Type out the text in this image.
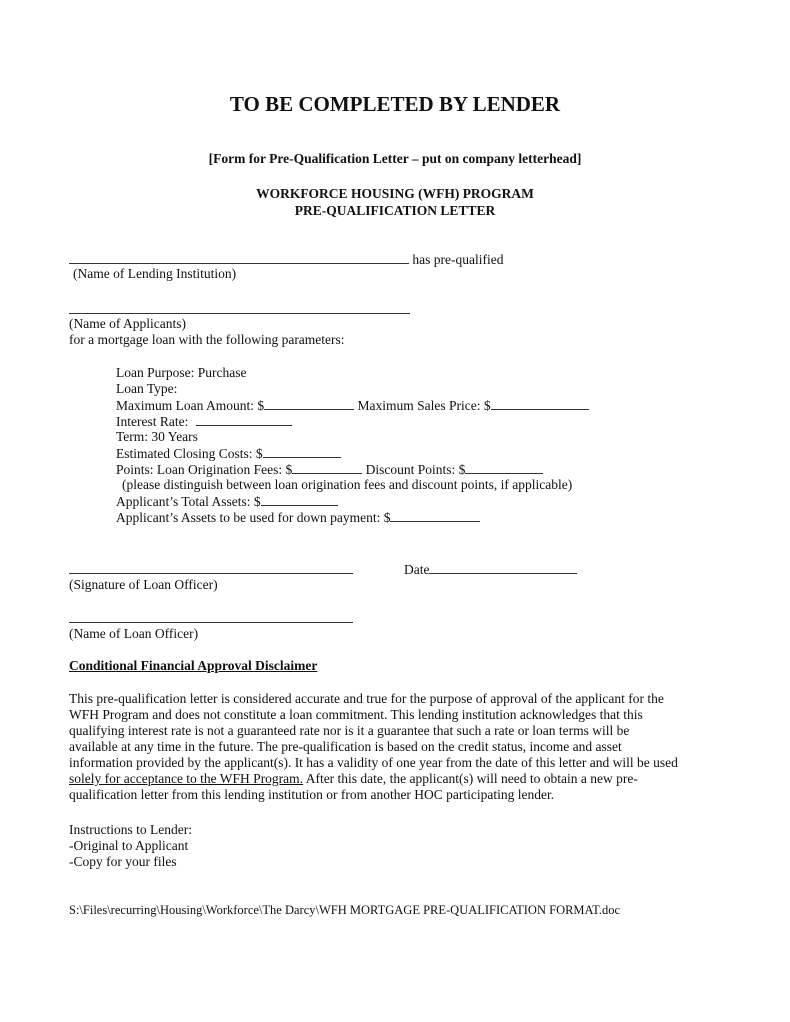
TO BE COMPLETED BY LENDER
[Form for Pre-Qualification Letter – put on company letterhead]
WORKFORCE HOUSING (WFH) PROGRAM
PRE-QUALIFICATION LETTER
has pre-qualified
(Name of Lending Institution)
(Name of Applicants)
for a mortgage loan with the following parameters:
Loan Purpose: Purchase
Loan Type:
Maximum Loan Amount: $	Maximum Sales Price: $
Interest Rate:
Term: 30 Years
Estimated Closing Costs: $
Points: Loan Origination Fees: $	Discount Points: $
(please distinguish between loan origination fees and discount points, if applicable)
Applicant’s Total Assets: $
Applicant’s Assets to be used for down payment: $
Date
(Signature of Loan Officer)
(Name of Loan Officer)
Conditional Financial Approval Disclaimer

This pre-qualification letter is considered accurate and true for the purpose of approval of the applicant for the

WFH Program and does not constitute a loan commitment. This lending institution acknowledges that this

qualifying interest rate is not a guaranteed rate nor is it a guarantee that such a rate or loan terms will be

available at any time in the future. The pre-qualification is based on the credit status, income and asset

information provided by the applicant(s). It has a validity of one year from the date of this letter and will be used

solely for acceptance to the WFH Program. After this date, the applicant(s) will need to obtain a new pre-

qualification letter from this lending institution or from another HOC participating lender.

Instructions to Lender:
-Original to Applicant
-Copy for your files
S:\Files\recurring\Housing\Workforce\The Darcy\WFH MORTGAGE PRE-QUALIFICATION FORMAT.doc
